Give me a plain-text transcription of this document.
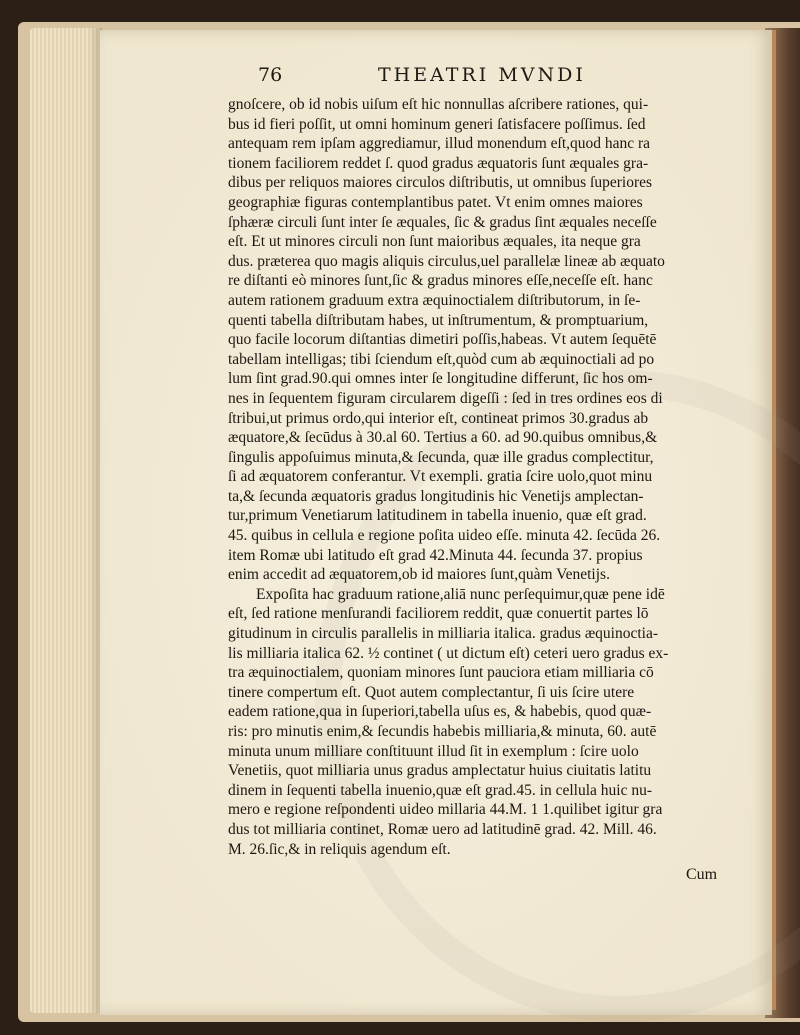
76	THEATRI MVNDI
gnoſcere, ob id nobis uiſum eſt hic nonnullas aſcribere rationes, qui-
bus id fieri poſſit, ut omni hominum generi ſatisfacere poſſimus. ſed
antequam rem ipſam aggrediamur, illud monendum eſt,quod hanc ra
tionem faciliorem reddet ſ. quod gradus æquatoris ſunt æquales gra-
dibus per reliquos maiores circulos diſtributis, ut omnibus ſuperiores
geographiæ figuras contemplantibus patet. Vt enim omnes maiores
ſphæræ circuli ſunt inter ſe æquales, ſic & gradus ſint æquales neceſſe
eſt. Et ut minores circuli non ſunt maioribus æquales, ita neque gra
dus. præterea quo magis aliquis circulus,uel parallelæ lineæ ab æquato
re diſtanti eò minores ſunt,ſic & gradus minores eſſe,neceſſe eſt. hanc
autem rationem graduum extra æquinoctialem diſtributorum, in ſe-
quenti tabella diſtributam habes, ut inſtrumentum, & promptuarium,
quo facile locorum diſtantias dimetiri poſſis,habeas. Vt autem ſequētē
tabellam intelligas; tibi ſciendum eſt,quòd cum ab æquinoctiali ad po
lum ſint grad.90.qui omnes inter ſe longitudine differunt, ſic hos om-
nes in ſequentem figuram circularem digeſſi : ſed in tres ordines eos di
ſtribui,ut primus ordo,qui interior eſt, contineat primos 30.gradus ab
æquatore,& ſecūdus à 30.al 60. Tertius a 60. ad 90.quibus omnibus,&
ſingulis appoſuimus minuta,& ſecunda, quæ ille gradus complectitur,
ſi ad æquatorem conferantur. Vt exempli. gratia ſcire uolo,quot minu
ta,& ſecunda æquatoris gradus longitudinis hic Venetijs amplectan-
tur,primum Venetiarum latitudinem in tabella inuenio, quæ eſt grad.
45. quibus in cellula e regione poſita uideo eſſe. minuta 42. ſecūda 26.
item Romæ ubi latitudo eſt grad 42.Minuta 44. ſecunda 37. propius
enim accedit ad æquatorem,ob id maiores ſunt,quàm Venetijs.
Expoſita hac graduum ratione,aliā nunc perſequimur,quæ pene idē
eſt, ſed ratione menſurandi faciliorem reddit, quæ conuertit partes lō
gitudinum in circulis parallelis in milliaria italica. gradus æquinoctia-
lis milliaria italica 62. ½ continet ( ut dictum eſt) ceteri uero gradus ex-
tra æquinoctialem, quoniam minores ſunt pauciora etiam milliaria cō
tinere compertum eſt. Quot autem complectantur, ſi uis ſcire utere
eadem ratione,qua in ſuperiori,tabella uſus es, & habebis, quod quæ-
ris: pro minutis enim,& ſecundis habebis milliaria,& minuta, 60. autē
minuta unum milliare conſtituunt illud ſit in exemplum : ſcire uolo
Venetiis, quot milliaria unus gradus amplectatur huius ciuitatis latitu
dinem in ſequenti tabella inuenio,quæ eſt grad.45. in cellula huic nu-
mero e regione reſpondenti uideo millaria 44.M. 1 1.quilibet igitur gra
dus tot milliaria continet, Romæ uero ad latitudinē grad. 42. Mill. 46.
M. 26.ſic,& in reliquis agendum eſt.
Cum
